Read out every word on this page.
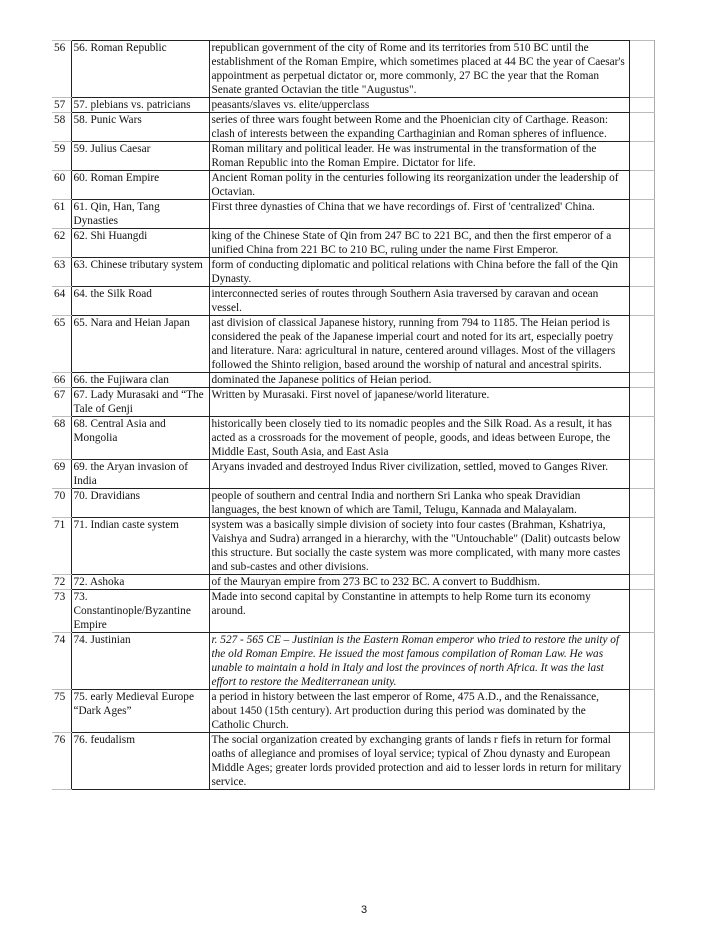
56	56. Roman Republic	republican government of the city of Rome and its territories from 510 BC until the establishment of the Roman Empire, which sometimes placed at 44 BC the year of Caesar's appointment as perpetual dictator or, more commonly, 27 BC the year that the Roman Senate granted Octavian the title "Augustus".	
57	57. plebians vs. patricians	peasants/slaves vs. elite/upperclass	
58	58. Punic Wars	series of three wars fought between Rome and the Phoenician city of Carthage. Reason: clash of interests between the expanding Carthaginian and Roman spheres of influence.	
59	59. Julius Caesar	Roman military and political leader. He was instrumental in the transformation of the Roman Republic into the Roman Empire. Dictator for life.	
60	60. Roman Empire	Ancient Roman polity in the centuries following its reorganization under the leadership of Octavian.	
61	61. Qin, Han, Tang Dynasties	First three dynasties of China that we have recordings of. First of 'centralized' China.	
62	62. Shi Huangdi	king of the Chinese State of Qin from 247 BC to 221 BC, and then the first emperor of a unified China from 221 BC to 210 BC, ruling under the name First Emperor.	
63	63. Chinese tributary system	form of conducting diplomatic and political relations with China before the fall of the Qin Dynasty.	
64	64. the Silk Road	interconnected series of routes through Southern Asia traversed by caravan and ocean vessel.	
65	65. Nara and Heian Japan	ast division of classical Japanese history, running from 794 to 1185. The Heian period is considered the peak of the Japanese imperial court and noted for its art, especially poetry and literature. Nara: agricultural in nature, centered around villages. Most of the villagers followed the Shinto religion, based around the worship of natural and ancestral spirits.	
66	66. the Fujiwara clan	dominated the Japanese politics of Heian period.	
67	67. Lady Murasaki and “The Tale of Genji	Written by Murasaki. First novel of japanese/world literature.	
68	68. Central Asia and Mongolia	historically been closely tied to its nomadic peoples and the Silk Road. As a result, it has acted as a crossroads for the movement of people, goods, and ideas between Europe, the Middle East, South Asia, and East Asia	
69	69. the Aryan invasion of India	Aryans invaded and destroyed Indus River civilization, settled, moved to Ganges River.	
70	70. Dravidians	people of southern and central India and northern Sri Lanka who speak Dravidian languages, the best known of which are Tamil, Telugu, Kannada and Malayalam.	
71	71. Indian caste system	system was a basically simple division of society into four castes (Brahman, Kshatriya, Vaishya and Sudra) arranged in a hierarchy, with the "Untouchable" (Dalit) outcasts below this structure. But socially the caste system was more complicated, with many more castes and sub-castes and other divisions.	
72	72. Ashoka	of the Mauryan empire from 273 BC to 232 BC. A convert to Buddhism.	
73	73. Constantinople/Byzantine Empire	Made into second capital by Constantine in attempts to help Rome turn its economy around.	
74	74. Justinian	r. 527 - 565 CE – Justinian is the Eastern Roman emperor who tried to restore the unity of the old Roman Empire. He issued the most famous compilation of Roman Law. He was unable to maintain a hold in Italy and lost the provinces of north Africa. It was the last effort to restore the Mediterranean unity.	
75	75. early Medieval Europe “Dark Ages”	a period in history between the last emperor of Rome, 475 A.D., and the Renaissance, about 1450 (15th century). Art production during this period was dominated by the Catholic Church.	
76	76. feudalism	The social organization created by exchanging grants of lands r fiefs in return for formal oaths of allegiance and promises of loyal service; typical of Zhou dynasty and European Middle Ages; greater lords provided protection and aid to lesser lords in return for military service.	
3
